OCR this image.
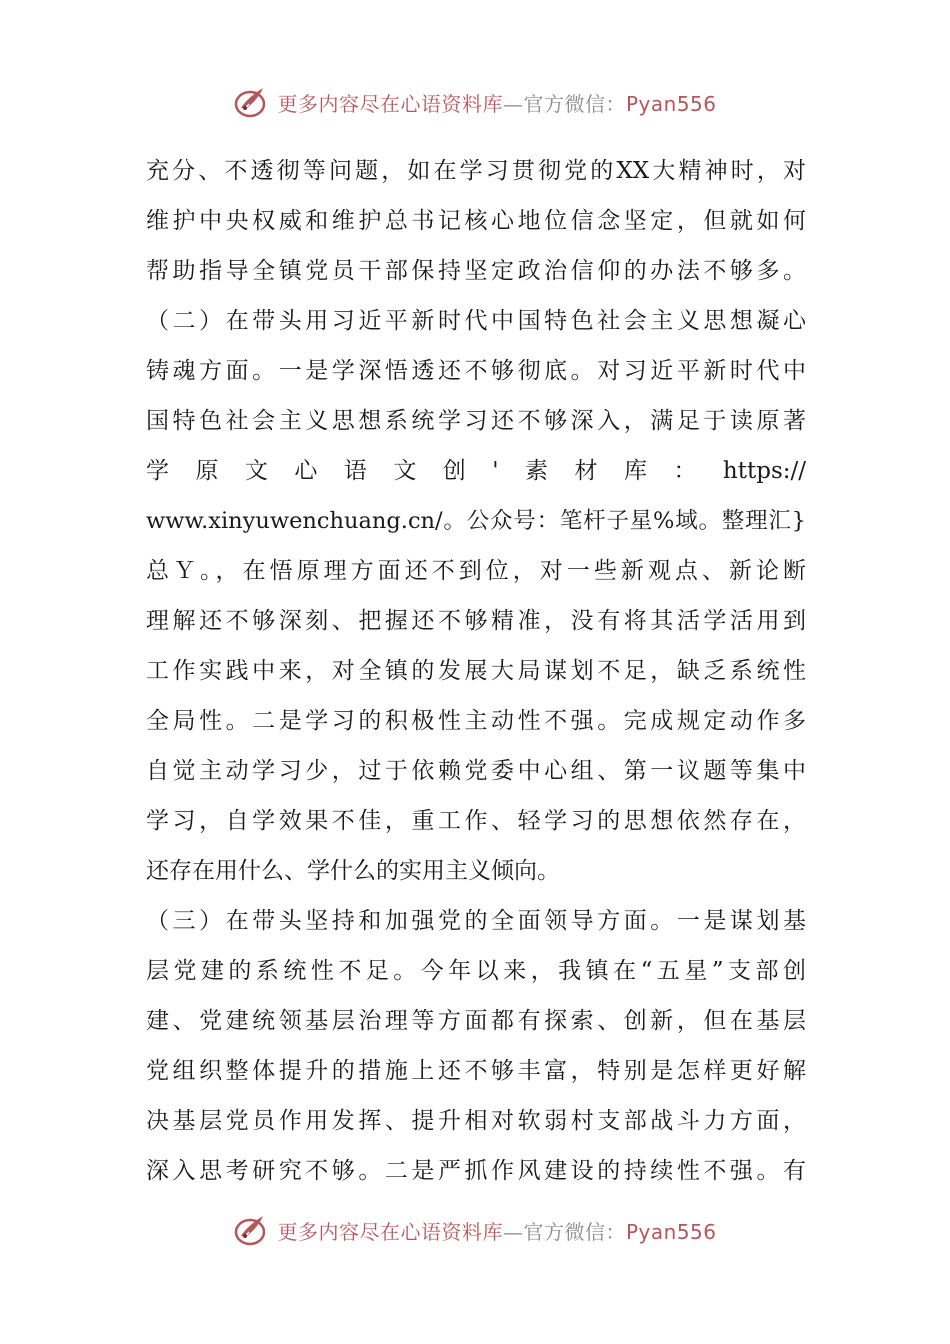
更多内容尽在心语资料库—官方微信：Pyan556
充分、不透彻等问题，如在学习贯彻党的XX大精神时，对
维护中央权威和维护总书记核心地位信念坚定，但就如何
帮助指导全镇党员干部保持坚定政治信仰的办法不够多。
（二）在带头用习近平新时代中国特色社会主义思想凝心
铸魂方面。一是学深悟透还不够彻底。对习近平新时代中
国特色社会主义思想系统学习还不够深入，满足于读原著
学原文心语文创'素材库：https://
www.xinyuwenchuang.cn/。公众号：笔杆子星%域。整理汇}
总Ｙ。，在悟原理方面还不到位，对一些新观点、新论断
理解还不够深刻、把握还不够精准，没有将其活学活用到
工作实践中来，对全镇的发展大局谋划不足，缺乏系统性
全局性。二是学习的积极性主动性不强。完成规定动作多
自觉主动学习少，过于依赖党委中心组、第一议题等集中
学习，自学效果不佳，重工作、轻学习的思想依然存在，
还存在用什么、学什么的实用主义倾向。
（三）在带头坚持和加强党的全面领导方面。一是谋划基
层党建的系统性不足。今年以来，我镇在“五星”支部创
建、党建统领基层治理等方面都有探索、创新，但在基层
党组织整体提升的措施上还不够丰富，特别是怎样更好解
决基层党员作用发挥、提升相对软弱村支部战斗力方面，
深入思考研究不够。二是严抓作风建设的持续性不强。有
更多内容尽在心语资料库—官方微信：Pyan556
